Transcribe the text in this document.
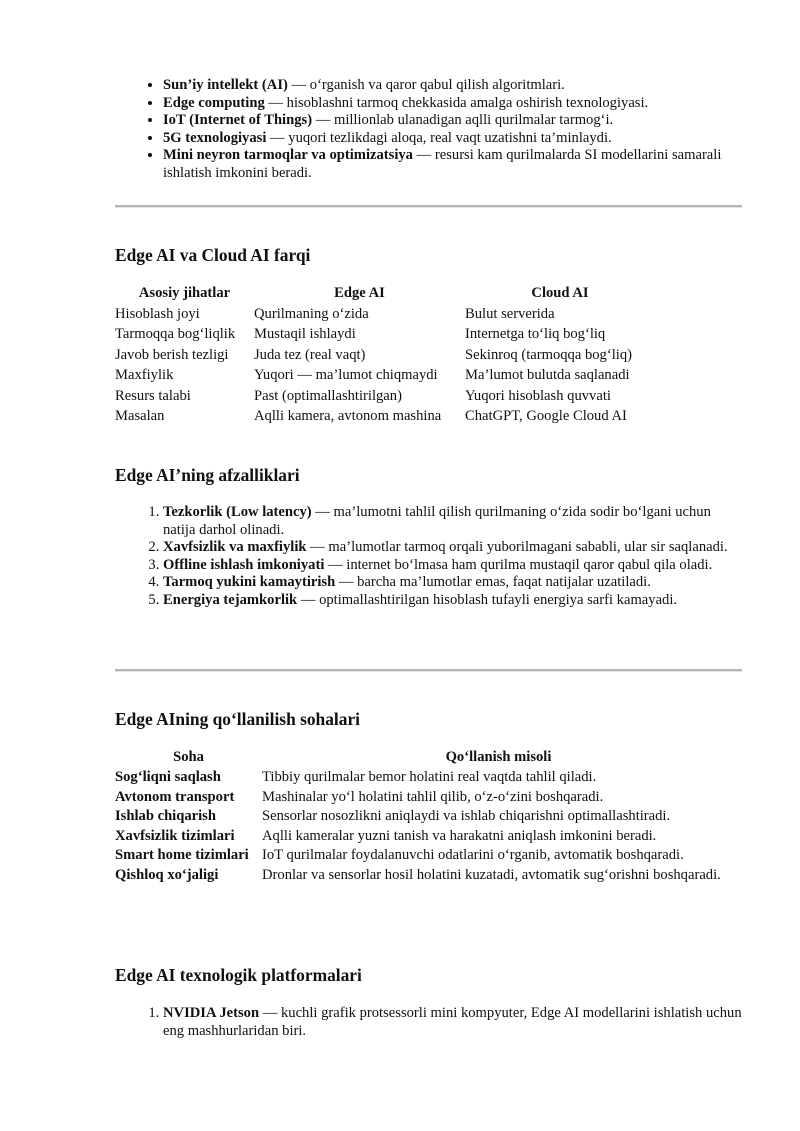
• Sun’iy intellekt (AI) — o‘rganish va qaror qabul qilish algoritmlari.
• Edge computing — hisoblashni tarmoq chekkasida amalga oshirish texnologiyasi.
• IoT (Internet of Things) — millionlab ulanadigan aqlli qurilmalar tarmog‘i.
• 5G texnologiyasi — yuqori tezlikdagi aloqa, real vaqt uzatishni ta’minlaydi.
• Mini neyron tarmoqlar va optimizatsiya — resursi kam qurilmalarda SI modellarini samarali ishlatish imkonini beradi.
Edge AI va Cloud AI farqi
Asosiy jihatlar	Edge AI	Cloud AI
Hisoblash joyi	Qurilmaning o‘zida	Bulut serverida
Tarmoqqa bog‘liqlik	Mustaqil ishlaydi	Internetga to‘liq bog‘liq
Javob berish tezligi	Juda tez (real vaqt)	Sekinroq (tarmoqqa bog‘liq)
Maxfiylik	Yuqori — ma’lumot chiqmaydi	Ma’lumot bulutda saqlanadi
Resurs talabi	Past (optimallashtirilgan)	Yuqori hisoblash quvvati
Masalan	Aqlli kamera, avtonom mashina	ChatGPT, Google Cloud AI
Edge AI’ning afzalliklari
1. Tezkorlik (Low latency) — ma’lumotni tahlil qilish qurilmaning o‘zida sodir bo‘lgani uchun natija darhol olinadi.
2. Xavfsizlik va maxfiylik — ma’lumotlar tarmoq orqali yuborilmagani sababli, ular sir saqlanadi.
3. Offline ishlash imkoniyati — internet bo‘lmasa ham qurilma mustaqil qaror qabul qila oladi.
4. Tarmoq yukini kamaytirish — barcha ma’lumotlar emas, faqat natijalar uzatiladi.
5. Energiya tejamkorlik — optimallashtirilgan hisoblash tufayli energiya sarfi kamayadi.
Edge AIning qo‘llanilish sohalari
Soha	Qo‘llanish misoli
Sog‘liqni saqlash	Tibbiy qurilmalar bemor holatini real vaqtda tahlil qiladi.
Avtonom transport	Mashinalar yo‘l holatini tahlil qilib, o‘z-o‘zini boshqaradi.
Ishlab chiqarish	Sensorlar nosozlikni aniqlaydi va ishlab chiqarishni optimallashtiradi.
Xavfsizlik tizimlari	Aqlli kameralar yuzni tanish va harakatni aniqlash imkonini beradi.
Smart home tizimlari	IoT qurilmalar foydalanuvchi odatlarini o‘rganib, avtomatik boshqaradi.
Qishloq xo‘jaligi	Dronlar va sensorlar hosil holatini kuzatadi, avtomatik sug‘orishni boshqaradi.
Edge AI texnologik platformalari
1. NVIDIA Jetson — kuchli grafik protsessorli mini kompyuter, Edge AI modellarini ishlatish uchun eng mashhurlaridan biri.
